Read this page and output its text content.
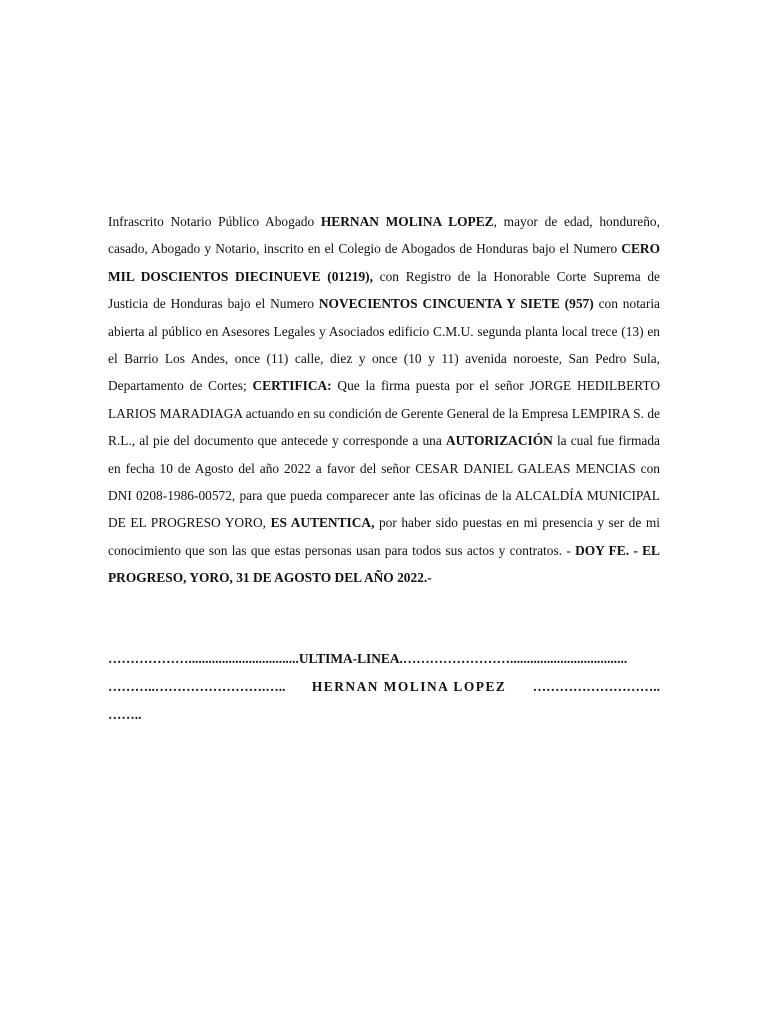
Infrascrito Notario Público Abogado HERNAN MOLINA LOPEZ, mayor de edad, hondureño, casado, Abogado y Notario, inscrito en el Colegio de Abogados de Honduras bajo el Numero CERO MIL DOSCIENTOS DIECINUEVE (01219), con Registro de la Honorable Corte Suprema de Justicia de Honduras bajo el Numero NOVECIENTOS CINCUENTA Y SIETE (957) con notaria abierta al público en Asesores Legales y Asociados edificio C.M.U. segunda planta local trece (13) en el Barrio Los Andes, once (11) calle, diez y once (10 y 11) avenida noroeste, San Pedro Sula, Departamento de Cortes; CERTIFICA: Que la firma puesta por el señor JORGE HEDILBERTO LARIOS MARADIAGA actuando en su condición de Gerente General de la Empresa LEMPIRA S. de R.L., al pie del documento que antecede y corresponde a una AUTORIZACIÓN la cual fue firmada en fecha 10 de Agosto del año 2022 a favor del señor CESAR DANIEL GALEAS MENCIAS con DNI 0208-1986-00572, para que pueda comparecer ante las oficinas de la ALCALDÍA MUNICIPAL DE EL PROGRESO YORO, ES AUTENTICA, por haber sido puestas en mi presencia y ser de mi conocimiento que son las que estas personas usan para todos sus actos y contratos. - DOY FE. - EL PROGRESO, YORO, 31 DE AGOSTO DEL AÑO 2022.-

……………….................................ULTIMA-LINEA.……………………...................................
………..…………………….….. HERNAN MOLINA LOPEZ ………………………..
……..
